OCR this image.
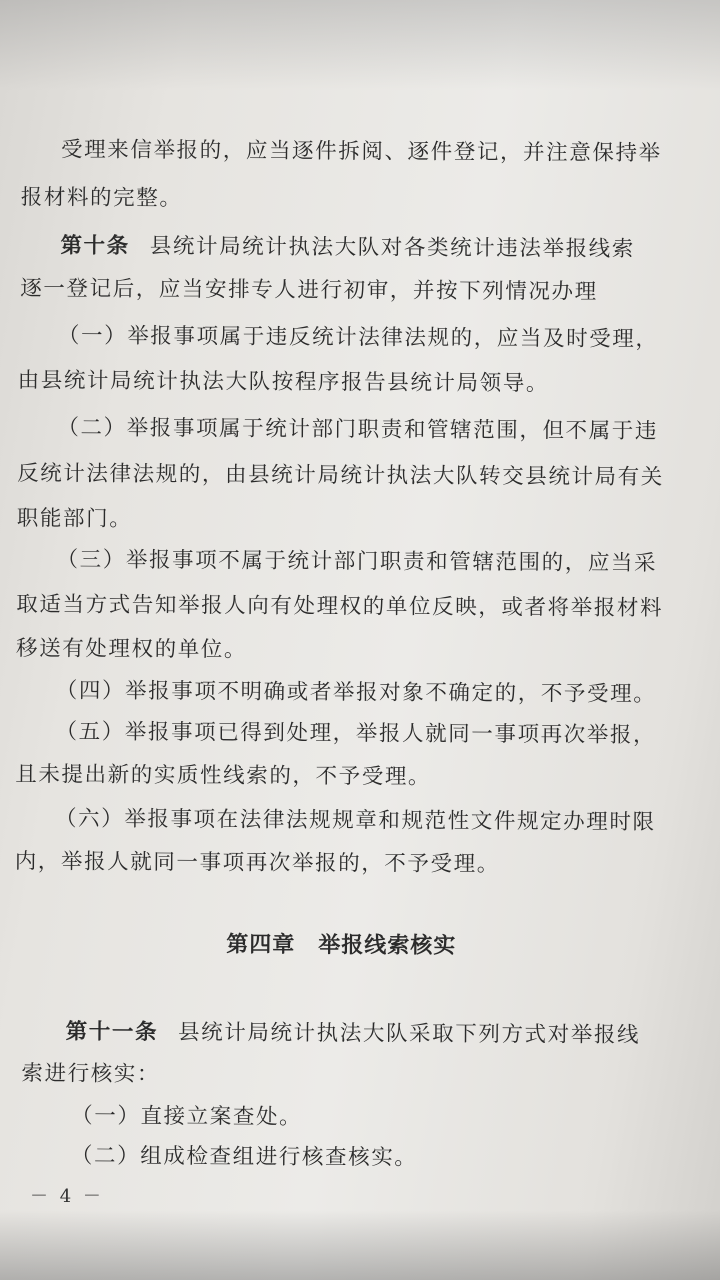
受理来信举报的，应当逐件拆阅、逐件登记，并注意保持举
报材料的完整。
第十条 县统计局统计执法大队对各类统计违法举报线索
逐一登记后，应当安排专人进行初审，并按下列情况办理
（一）举报事项属于违反统计法律法规的，应当及时受理，
由县统计局统计执法大队按程序报告县统计局领导。
（二）举报事项属于统计部门职责和管辖范围，但不属于违
反统计法律法规的，由县统计局统计执法大队转交县统计局有关
职能部门。
（三）举报事项不属于统计部门职责和管辖范围的，应当采
取适当方式告知举报人向有处理权的单位反映，或者将举报材料
移送有处理权的单位。
（四）举报事项不明确或者举报对象不确定的，不予受理。
（五）举报事项已得到处理，举报人就同一事项再次举报，
且未提出新的实质性线索的，不予受理。
（六）举报事项在法律法规规章和规范性文件规定办理时限
内，举报人就同一事项再次举报的，不予受理。
第四章　举报线索核实
第十一条 县统计局统计执法大队采取下列方式对举报线
索进行核实：
（一）直接立案查处。
（二）组成检查组进行核查核实。
－ 4 －
